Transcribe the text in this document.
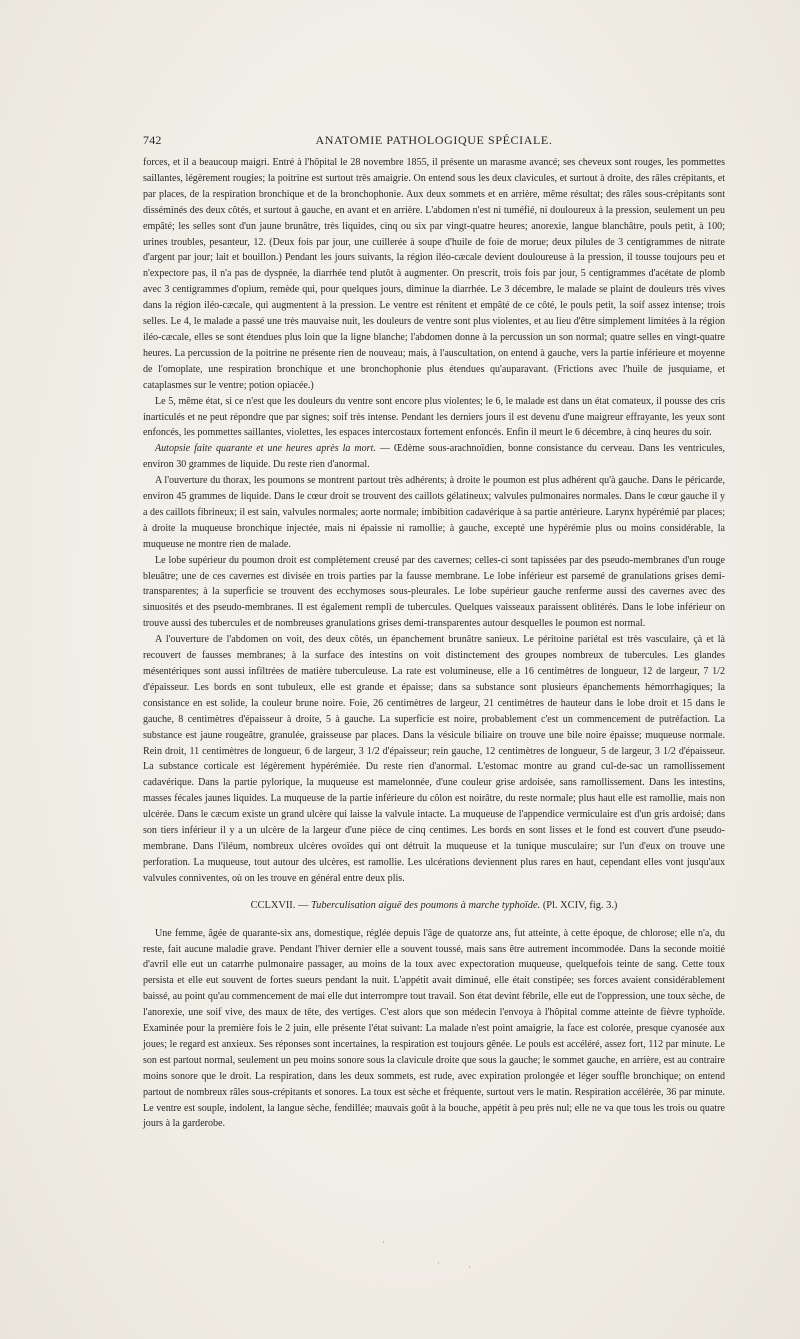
742	ANATOMIE PATHOLOGIQUE SPÉCIALE.

forces, et il a beaucoup maigri. Entré à l'hôpital le 28 novembre 1855, il présente un marasme avancé; ses cheveux sont rouges, les pommettes saillantes, légèrement rougies; la poitrine est surtout très amaigrie. On entend sous les deux clavicules, et surtout à droite, des râles crépitants, et par places, de la respiration bronchique et de la bronchophonie. Aux deux sommets et en arrière, même résultat; des râles sous-crépitants sont disséminés des deux côtés, et surtout à gauche, en avant et en arrière. L'abdomen n'est ni tuméfié, ni douloureux à la pression, seulement un peu empâté; les selles sont d'un jaune brunâtre, très liquides, cinq ou six par vingt-quatre heures; anorexie, langue blanchâtre, pouls petit, à 100; urines troubles, pesanteur, 12. (Deux fois par jour, une cuillerée à soupe d'huile de foie de morue; deux pilules de 3 centigrammes de nitrate d'argent par jour; lait et bouillon.) Pendant les jours suivants, la région iléo-cæcale devient douloureuse à la pression, il tousse toujours peu et n'expectore pas, il n'a pas de dyspnée, la diarrhée tend plutôt à augmenter. On prescrit, trois fois par jour, 5 centigrammes d'acétate de plomb avec 3 centigrammes d'opium, remède qui, pour quelques jours, diminue la diarrhée. Le 3 décembre, le malade se plaint de douleurs très vives dans la région iléo-cæcale, qui augmentent à la pression. Le ventre est rénitent et empâté de ce côté, le pouls petit, la soif assez intense; trois selles. Le 4, le malade a passé une très mauvaise nuit, les douleurs de ventre sont plus violentes, et au lieu d'être simplement limitées à la région iléo-cæcale, elles se sont étendues plus loin que la ligne blanche; l'abdomen donne à la percussion un son normal; quatre selles en vingt-quatre heures. La percussion de la poitrine ne présente rien de nouveau; mais, à l'auscultation, on entend à gauche, vers la partie inférieure et moyenne de l'omoplate, une respiration bronchique et une bronchophonie plus étendues qu'auparavant. (Frictions avec l'huile de jusquiame, et cataplasmes sur le ventre; potion opiacée.)

Le 5, même état, si ce n'est que les douleurs du ventre sont encore plus violentes; le 6, le malade est dans un état comateux, il pousse des cris inarticulés et ne peut répondre que par signes; soif très intense. Pendant les derniers jours il est devenu d'une maigreur effrayante, les yeux sont enfoncés, les pommettes saillantes, violettes, les espaces intercostaux fortement enfoncés. Enfin il meurt le 6 décembre, à cinq heures du soir.

Autopsie faite quarante et une heures après la mort. — Œdème sous-arachnoïdien, bonne consistance du cerveau. Dans les ventricules, environ 30 grammes de liquide. Du reste rien d'anormal.

A l'ouverture du thorax, les poumons se montrent partout très adhérents; à droite le poumon est plus adhérent qu'à gauche. Dans le péricarde, environ 45 grammes de liquide. Dans le cœur droit se trouvent des caillots gélatineux; valvules pulmonaires normales. Dans le cœur gauche il y a des caillots fibrineux; il est sain, valvules normales; aorte normale; imbibition cadavérique à sa partie antérieure. Larynx hypérémié par places; à droite la muqueuse bronchique injectée, mais ni épaissie ni ramollie; à gauche, excepté une hypérémie plus ou moins considérable, la muqueuse ne montre rien de malade.

Le lobe supérieur du poumon droit est complètement creusé par des cavernes; celles-ci sont tapissées par des pseudo-membranes d'un rouge bleuâtre; une de ces cavernes est divisée en trois parties par la fausse membrane. Le lobe inférieur est parsemé de granulations grises demi-transparentes; à la superficie se trouvent des ecchymoses sous-pleurales. Le lobe supérieur gauche renferme aussi des cavernes avec des sinuosités et des pseudo-membranes. Il est également rempli de tubercules. Quelques vaisseaux paraissent oblitérés. Dans le lobe inférieur on trouve aussi des tubercules et de nombreuses granulations grises demi-transparentes autour desquelles le poumon est normal.

A l'ouverture de l'abdomen on voit, des deux côtés, un épanchement brunâtre sanieux. Le péritoine pariétal est très vasculaire, çà et là recouvert de fausses membranes; à la surface des intestins on voit distinctement des groupes nombreux de tubercules. Les glandes mésentériques sont aussi infiltrées de matière tuberculeuse. La rate est volumineuse, elle a 16 centimètres de longueur, 12 de largeur, 7 1/2 d'épaisseur. Les bords en sont tubuleux, elle est grande et épaisse; dans sa substance sont plusieurs épanchements hémorrhagiques; la consistance en est solide, la couleur brune noire. Foie, 26 centimètres de largeur, 21 centimètres de hauteur dans le lobe droit et 15 dans le gauche, 8 centimètres d'épaisseur à droite, 5 à gauche. La superficie est noire, probablement c'est un commencement de putréfaction. La substance est jaune rougeâtre, granulée, graisseuse par places. Dans la vésicule biliaire on trouve une bile noire épaisse; muqueuse normale. Rein droit, 11 centimètres de longueur, 6 de largeur, 3 1/2 d'épaisseur; rein gauche, 12 centimètres de longueur, 5 de largeur, 3 1/2 d'épaisseur. La substance corticale est légèrement hypérémiée. Du reste rien d'anormal. L'estomac montre au grand cul-de-sac un ramollissement cadavérique. Dans la partie pylorique, la muqueuse est mamelonnée, d'une couleur grise ardoisée, sans ramollissement. Dans les intestins, masses fécales jaunes liquides. La muqueuse de la partie inférieure du côlon est noirâtre, du reste normale; plus haut elle est ramollie, mais non ulcérée. Dans le cæcum existe un grand ulcère qui laisse la valvule intacte. La muqueuse de l'appendice vermiculaire est d'un gris ardoisé; dans son tiers inférieur il y a un ulcère de la largeur d'une pièce de cinq centimes. Les bords en sont lisses et le fond est couvert d'une pseudo-membrane. Dans l'iléum, nombreux ulcères ovoïdes qui ont détruit la muqueuse et la tunique musculaire; sur l'un d'eux on trouve une perforation. La muqueuse, tout autour des ulcères, est ramollie. Les ulcérations deviennent plus rares en haut, cependant elles vont jusqu'aux valvules conniventes, où on les trouve en général entre deux plis.

CCLXVII. — Tuberculisation aiguë des poumons à marche typhoïde. (Pl. XCIV, fig. 3.)

Une femme, âgée de quarante-six ans, domestique, réglée depuis l'âge de quatorze ans, fut atteinte, à cette époque, de chlorose; elle n'a, du reste, fait aucune maladie grave. Pendant l'hiver dernier elle a souvent toussé, mais sans être autrement incommodée. Dans la seconde moitié d'avril elle eut un catarrhe pulmonaire passager, au moins de la toux avec expectoration muqueuse, quelquefois teinte de sang. Cette toux persista et elle eut souvent de fortes sueurs pendant la nuit. L'appétit avait diminué, elle était constipée; ses forces avaient considérablement baissé, au point qu'au commencement de mai elle dut interrompre tout travail. Son état devint fébrile, elle eut de l'oppression, une toux sèche, de l'anorexie, une soif vive, des maux de tête, des vertiges. C'est alors que son médecin l'envoya à l'hôpital comme atteinte de fièvre typhoïde. Examinée pour la première fois le 2 juin, elle présente l'état suivant: La malade n'est point amaigrie, la face est colorée, presque cyanosée aux joues; le regard est anxieux. Ses réponses sont incertaines, la respiration est toujours gênée. Le pouls est accéléré, assez fort, 112 par minute. Le son est partout normal, seulement un peu moins sonore sous la clavicule droite que sous la gauche; le sommet gauche, en arrière, est au contraire moins sonore que le droit. La respiration, dans les deux sommets, est rude, avec expiration prolongée et léger souffle bronchique; on entend partout de nombreux râles sous-crépitants et sonores. La toux est sèche et fréquente, surtout vers le matin. Respiration accélérée, 36 par minute. Le ventre est souple, indolent, la langue sèche, fendillée; mauvais goût à la bouche, appétit à peu près nul; elle ne va que tous les trois ou quatre jours à la garderobe.

·
·	·
